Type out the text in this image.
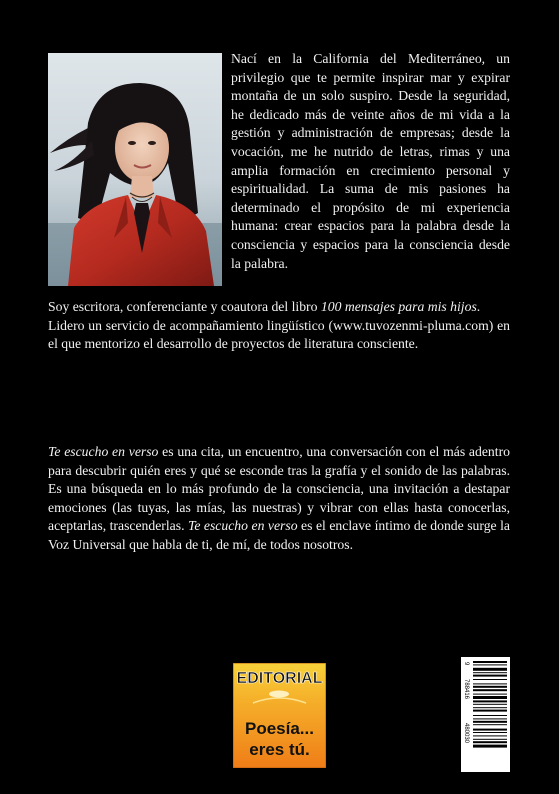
Nací en la California del Mediterráneo, un privilegio que te permite inspirar mar y expirar montaña de un solo suspiro. Desde la seguridad, he dedicado más de veinte años de mi vida a la gestión y administración de empresas; desde la vocación, me he nutrido de letras, rimas y una amplia formación en crecimiento personal y espiritualidad. La suma de mis pasiones ha determinado el propósito de mi experiencia humana: crear espacios para la palabra desde la consciencia y espacios para la consciencia desde la palabra.

Soy escritora, conferenciante y coautora del libro 100 mensajes para mis hijos.

Lidero un servicio de acompañamiento lingüístico (www.tuvozenmi-pluma.com) en el que mentorizo el desarrollo de proyectos de literatura consciente.

Te escucho en verso es una cita, un encuentro, una conversación con el más adentro para descubrir quién eres y qué se esconde tras la grafía y el sonido de las palabras. Es una búsqueda en lo más profundo de la consciencia, una invitación a destapar emociones (las tuyas, las mías, las nuestras) y vibrar con ellas hasta conocerlas, aceptarlas, trascenderlas. Te escucho en verso es el enclave íntimo de donde surge la Voz Universal que habla de ti, de mí, de todos nosotros.

EDITORIAL
Poesía...
eres tú.
9
788416
480030
